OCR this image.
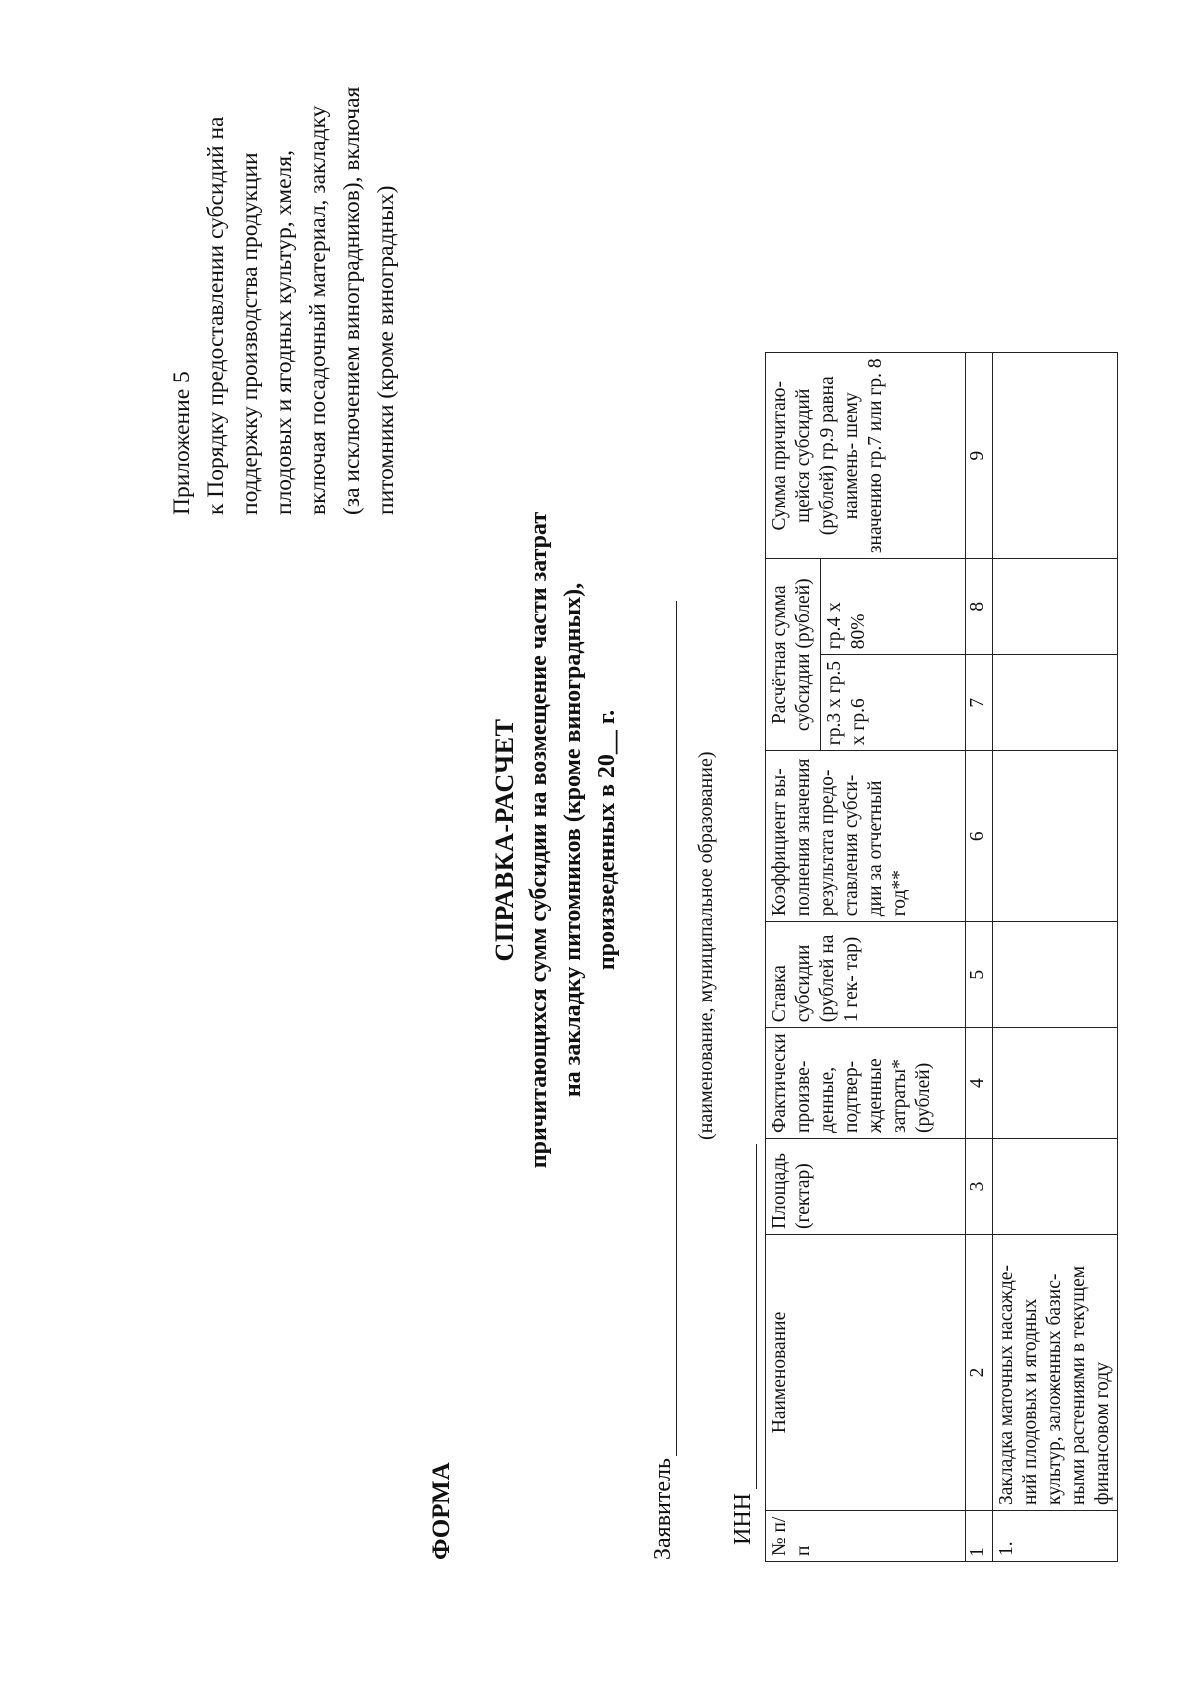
Приложение 5 к Порядку предоставлении субсидий на поддержку производства продукции плодовых и ягодных культур, хмеля, включая посадочный материал, закладку (за исключением виноградников), включая питомники (кроме виноградных)
ФОРМА
СПРАВКА-РАСЧЕТ причитающихся сумм субсидии на возмещение части затрат на закладку питомников (кроме виноградных), произведенных в 20__ г.
Заявитель
(наименование, муниципальное образование)
ИНН № п/п	Наименование	Площадь (гектар)	Фактически произве- денные, подтвер- жденные затраты* (рублей)	Ставка субсидии (рублей на 1 гек- тар)	Коэффициент вы- полнения значения результата предо- ставления субси- дии за отчетный год**	Расчётная сумма субсидии (рублей)		Сумма причитаю- щейся субсидий (рублей) гр.9 равна наимень- шему значению гр.7 или гр. 8
						гр.3 х гр.5 х гр.6	гр.4 х 80%	
1	2	3	4	5	6	7	8	9
1.	Закладка маточных насажде- ний плодовых и ягодных культур, заложенных базис- ными растениями в текущем финансовом году							
